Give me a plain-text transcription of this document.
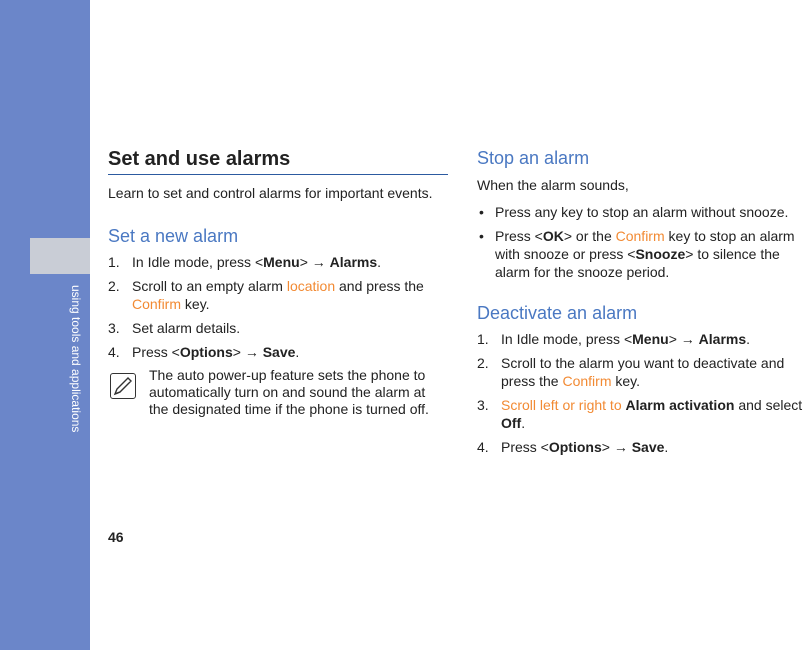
using tools and applications
46
Set and use alarms

Learn to set and control alarms for important events.

Set a new alarm
1. In Idle mode, press <Menu> → Alarms.
2. Scroll to an empty alarm location and press the Confirm key.
3. Set alarm details.
4. Press <Options> → Save.
The auto power-up feature sets the phone to automatically turn on and sound the alarm at the designated time if the phone is turned off.
Stop an alarm

When the alarm sounds,

• Press any key to stop an alarm without snooze.
• Press <OK> or the Confirm key to stop an alarm with snooze or press <Snooze> to silence the alarm for the snooze period.
Deactivate an alarm
1. In Idle mode, press <Menu> → Alarms.
2. Scroll to the alarm you want to deactivate and press the Confirm key.
3. Scroll left or right to Alarm activation and select Off.
4. Press <Options> → Save.
